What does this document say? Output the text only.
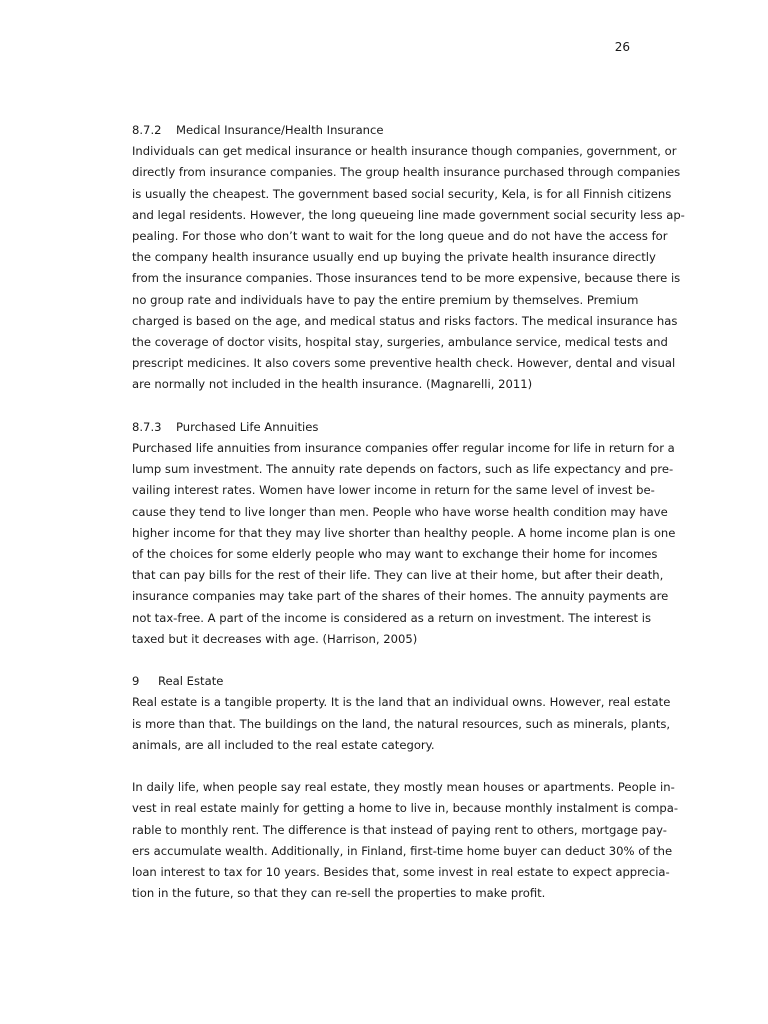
26
8.7.2 Medical Insurance/Health Insurance
Individuals can get medical insurance or health insurance though companies, government, or
directly from insurance companies. The group health insurance purchased through companies
is usually the cheapest. The government based social security, Kela, is for all Finnish citizens
and legal residents. However, the long queueing line made government social security less ap-
pealing. For those who don’t want to wait for the long queue and do not have the access for
the company health insurance usually end up buying the private health insurance directly
from the insurance companies. Those insurances tend to be more expensive, because there is
no group rate and individuals have to pay the entire premium by themselves. Premium
charged is based on the age, and medical status and risks factors. The medical insurance has
the coverage of doctor visits, hospital stay, surgeries, ambulance service, medical tests and
prescript medicines. It also covers some preventive health check. However, dental and visual
are normally not included in the health insurance. (Magnarelli, 2011)
8.7.3 Purchased Life Annuities
Purchased life annuities from insurance companies offer regular income for life in return for a
lump sum investment. The annuity rate depends on factors, such as life expectancy and pre-
vailing interest rates. Women have lower income in return for the same level of invest be-
cause they tend to live longer than men. People who have worse health condition may have
higher income for that they may live shorter than healthy people. A home income plan is one
of the choices for some elderly people who may want to exchange their home for incomes
that can pay bills for the rest of their life. They can live at their home, but after their death,
insurance companies may take part of the shares of their homes. The annuity payments are
not tax-free. A part of the income is considered as a return on investment. The interest is
taxed but it decreases with age. (Harrison, 2005)
9 Real Estate
Real estate is a tangible property. It is the land that an individual owns. However, real estate
is more than that. The buildings on the land, the natural resources, such as minerals, plants,
animals, are all included to the real estate category.
In daily life, when people say real estate, they mostly mean houses or apartments. People in-
vest in real estate mainly for getting a home to live in, because monthly instalment is compa-
rable to monthly rent. The difference is that instead of paying rent to others, mortgage pay-
ers accumulate wealth. Additionally, in Finland, first-time home buyer can deduct 30% of the
loan interest to tax for 10 years. Besides that, some invest in real estate to expect apprecia-
tion in the future, so that they can re-sell the properties to make profit.
